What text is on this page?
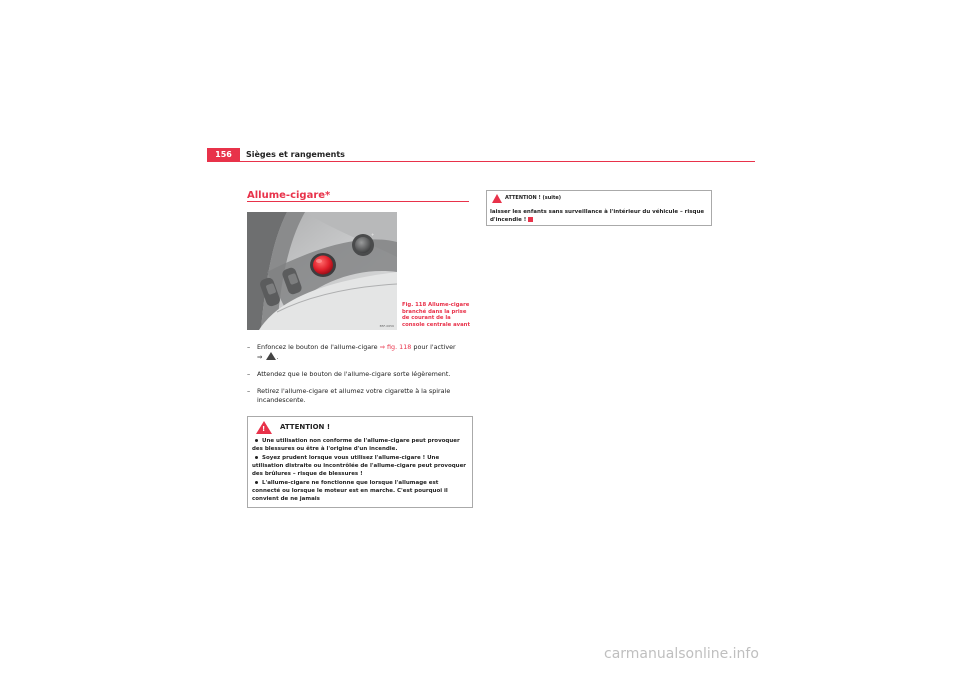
156	Sièges et rangements
Allume-cigare*
+
B5F-0656
Fig. 118 Allume-cigare branché dans la prise de courant de la console centrale avant
– Enfoncez le bouton de l'allume-cigare ⇒ fig. 118 pour l'activer
⇒ .
– Attendez que le bouton de l'allume-cigare sorte légèrement.
– Retirez l'allume-cigare et allumez votre cigarette à la spirale incandescente.
! ATTENTION !
Une utilisation non conforme de l'allume-cigare peut provoquer des blessures ou être à l'origine d'un incendie.
Soyez prudent lorsque vous utilisez l'allume-cigare ! Une utilisation distraite ou incontrôlée de l'allume-cigare peut provoquer des brûlures – risque de blessures !
L'allume-cigare ne fonctionne que lorsque l'allumage est connecté ou lorsque le moteur est en marche. C'est pourquoi il convient de ne jamais
ATTENTION ! (suite)
laisser les enfants sans surveillance à l'intérieur du véhicule – risque d'incendie !
carmanualsonline.info
